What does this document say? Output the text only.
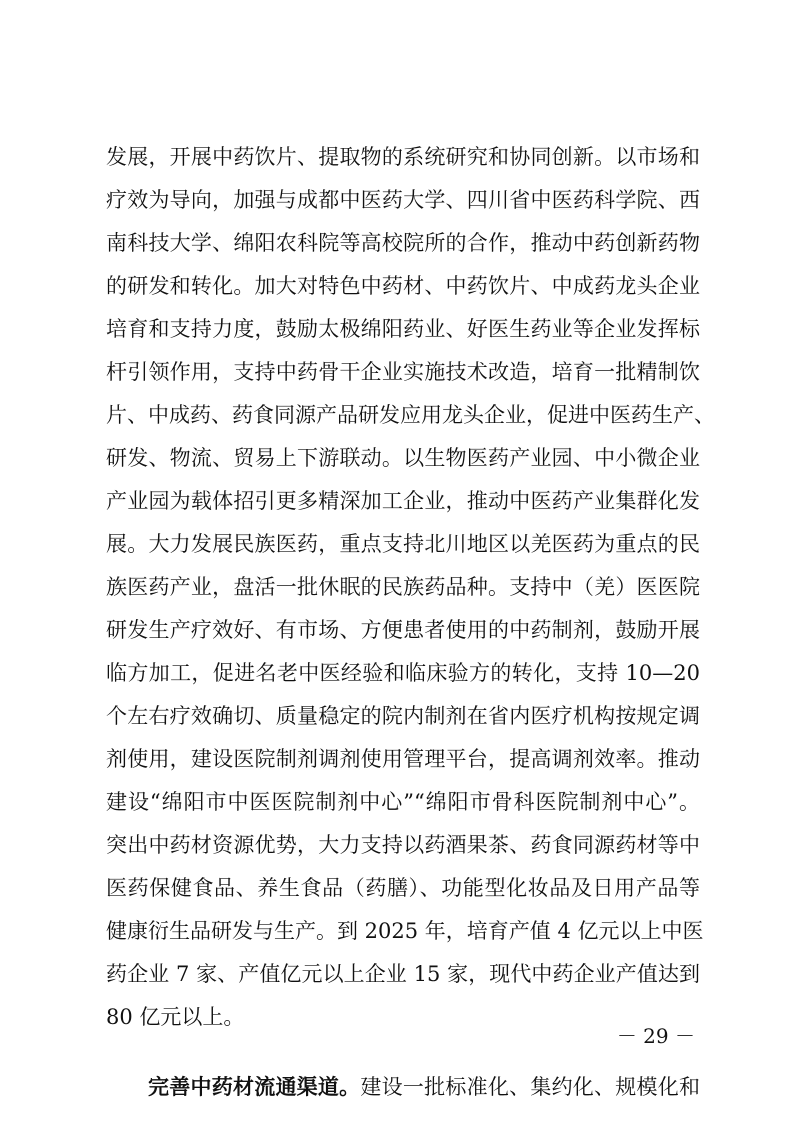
发展，开展中药饮片、提取物的系统研究和协同创新。以市场和
疗效为导向，加强与成都中医药大学、四川省中医药科学院、西
南科技大学、绵阳农科院等高校院所的合作，推动中药创新药物
的研发和转化。加大对特色中药材、中药饮片、中成药龙头企业
培育和支持力度，鼓励太极绵阳药业、好医生药业等企业发挥标
杆引领作用，支持中药骨干企业实施技术改造，培育一批精制饮
片、中成药、药食同源产品研发应用龙头企业，促进中医药生产、
研发、物流、贸易上下游联动。以生物医药产业园、中小微企业
产业园为载体招引更多精深加工企业，推动中医药产业集群化发
展。大力发展民族医药，重点支持北川地区以羌医药为重点的民
族医药产业，盘活一批休眠的民族药品种。支持中（羌）医医院
研发生产疗效好、有市场、方便患者使用的中药制剂，鼓励开展
临方加工，促进名老中医经验和临床验方的转化，支持 10—20
个左右疗效确切、质量稳定的院内制剂在省内医疗机构按规定调
剂使用，建设医院制剂调剂使用管理平台，提高调剂效率。推动
建设“绵阳市中医医院制剂中心”“绵阳市骨科医院制剂中心”。
突出中药材资源优势，大力支持以药酒果茶、药食同源药材等中
医药保健食品、养生食品（药膳）、功能型化妆品及日用产品等
健康衍生品研发与生产。到 2025 年，培育产值 4 亿元以上中医
药企业 7 家、产值亿元以上企业 15 家，现代中药企业产值达到
80 亿元以上。
完善中药材流通渠道。建设一批标准化、集约化、规模化和
－ 29 －
